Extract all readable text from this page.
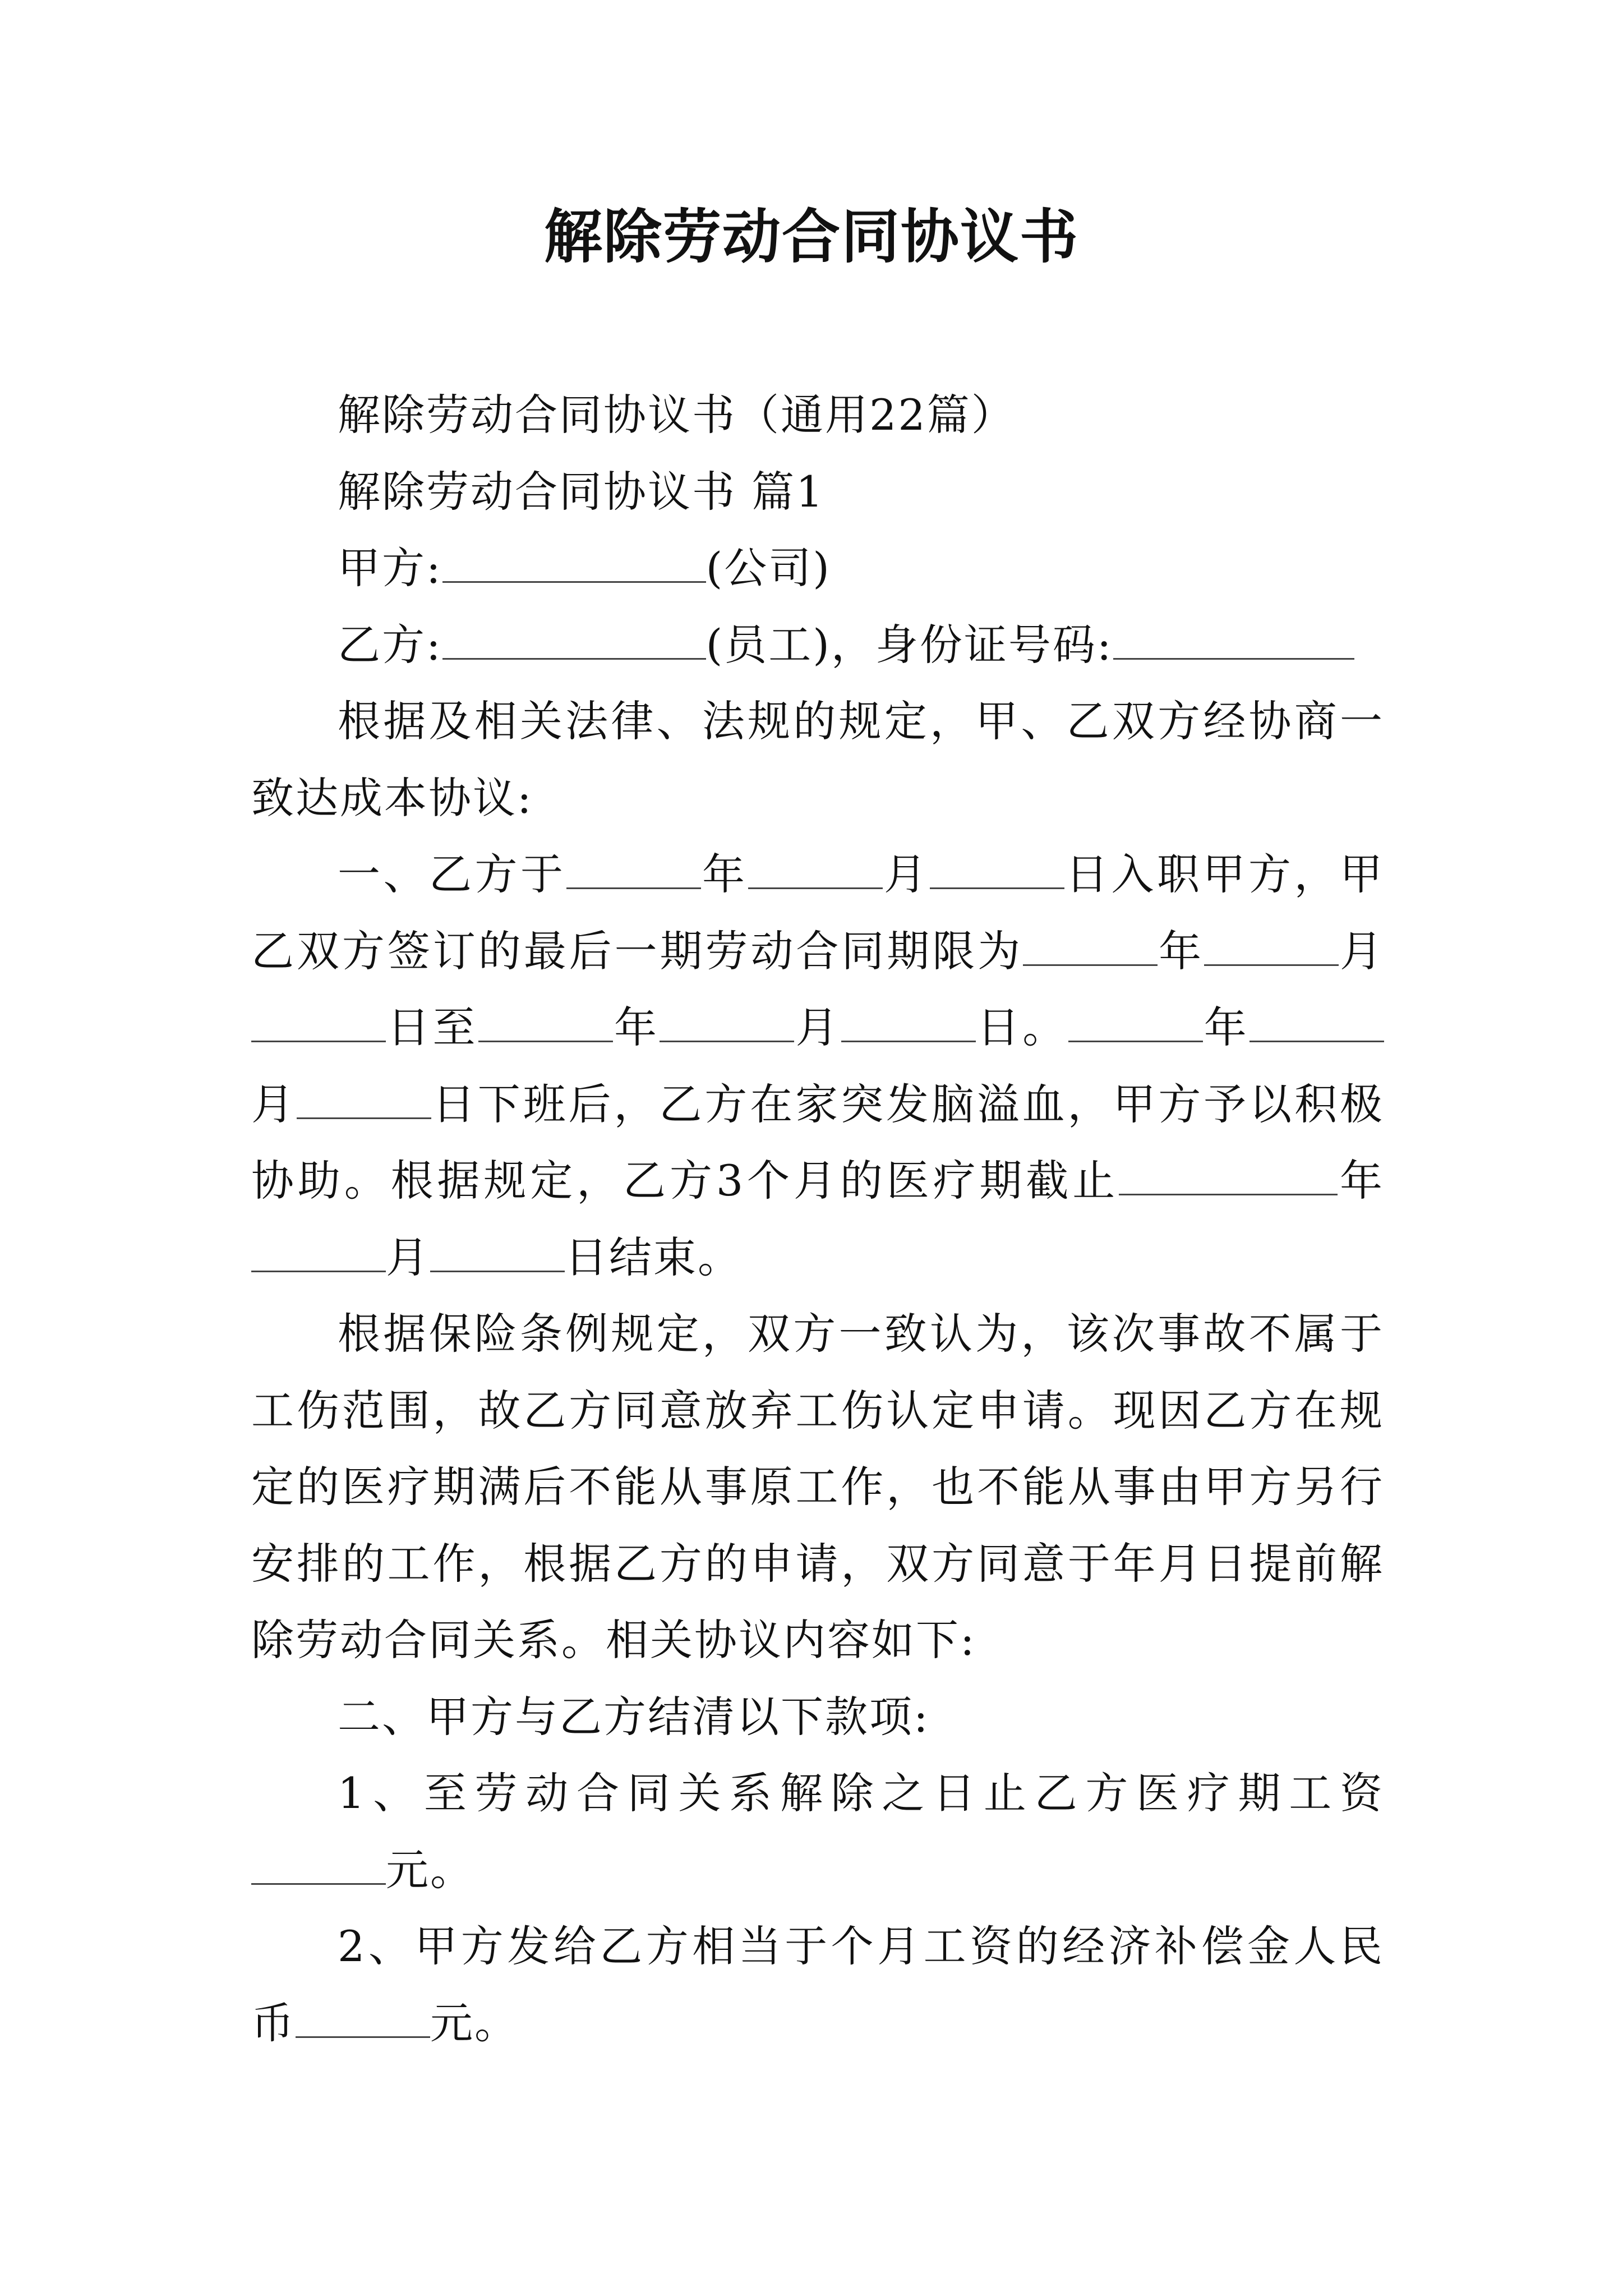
解除劳动合同协议书

解除劳动合同协议书（通用22篇）

解除劳动合同协议书 篇1

甲方:	(公司)

乙方:	(员工)，身份证号码:

根据及相关法律、法规的规定，甲、乙双方经协商一致达成本协议:

一、乙方于	年	月	日入职甲方，甲乙双方签订的最后一期劳动合同期限为	年	月日至	年	月	日。	年月	日下班后，乙方在家突发脑溢血，甲方予以积极协助。根据规定，乙方3个月的医疗期截止	年月	日结束。

根据保险条例规定，双方一致认为，该次事故不属于工伤范围，故乙方同意放弃工伤认定申请。现因乙方在规定的医疗期满后不能从事原工作，也不能从事由甲方另行安排的工作，根据乙方的申请，双方同意于年月日提前解除劳动合同关系。相关协议内容如下:

二、甲方与乙方结清以下款项:

1、至劳动合同关系解除之日止乙方医疗期工资元。

2、甲方发给乙方相当于个月工资的经济补偿金人民币	元。
